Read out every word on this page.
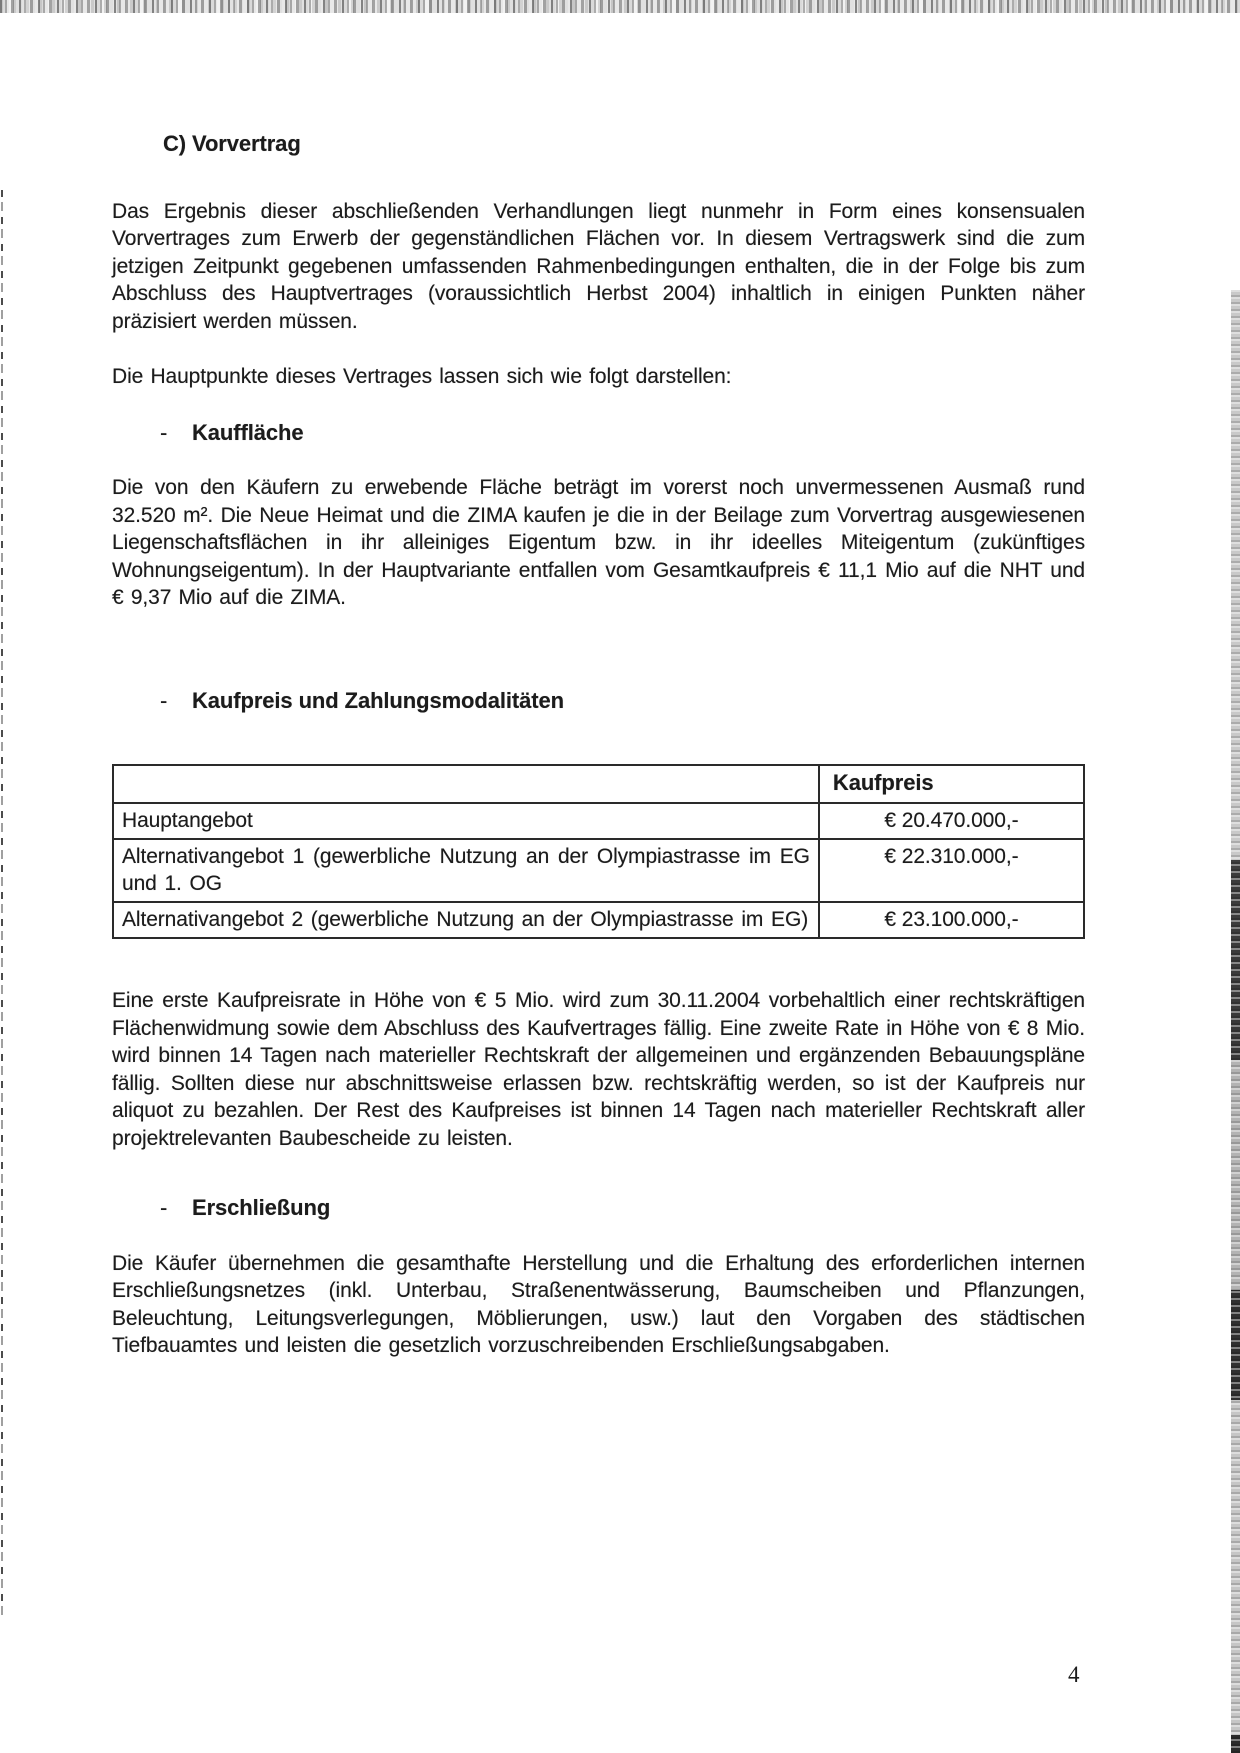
C) Vorvertrag

Das Ergebnis dieser abschließenden Verhandlungen liegt nunmehr in Form eines konsensualen Vorvertrages zum Erwerb der gegenständlichen Flächen vor. In diesem Vertragswerk sind die zum jetzigen Zeitpunkt gegebenen umfassenden Rahmenbedingungen enthalten, die in der Folge bis zum Abschluss des Hauptvertrages (voraussichtlich Herbst 2004) inhaltlich in einigen Punkten näher präzisiert werden müssen.

Die Hauptpunkte dieses Vertrages lassen sich wie folgt darstellen:

-	Kauffläche

Die von den Käufern zu erwebende Fläche beträgt im vorerst noch unvermessenen Ausmaß rund 32.520 m². Die Neue Heimat und die ZIMA kaufen je die in der Beilage zum Vorvertrag ausgewiesenen Liegenschaftsflächen in ihr alleiniges Eigentum bzw. in ihr ideelles Miteigentum (zukünftiges Wohnungseigentum). In der Hauptvariante entfallen vom Gesamtkaufpreis € 11,1 Mio auf die NHT und € 9,37 Mio auf die ZIMA.

-	Kaufpreis und Zahlungsmodalitäten
	Kaufpreis
Hauptangebot	€ 20.470.000,-
Alternativangebot 1 (gewerbliche Nutzung an der Olympiastrasse im EG und 1. OG	€ 22.310.000,-
Alternativangebot 2 (gewerbliche Nutzung an der Olympiastrasse im EG)	€ 23.100.000,-

Eine erste Kaufpreisrate in Höhe von € 5 Mio. wird zum 30.11.2004 vorbehaltlich einer rechtskräftigen Flächenwidmung sowie dem Abschluss des Kaufvertrages fällig. Eine zweite Rate in Höhe von € 8 Mio. wird binnen 14 Tagen nach materieller Rechtskraft der allgemeinen und ergänzenden Bebauungspläne fällig. Sollten diese nur abschnittsweise erlassen bzw. rechtskräftig werden, so ist der Kaufpreis nur aliquot zu bezahlen. Der Rest des Kaufpreises ist binnen 14 Tagen nach materieller Rechtskraft aller projektrelevanten Baubescheide zu leisten.

-	Erschließung

Die Käufer übernehmen die gesamthafte Herstellung und die Erhaltung des erforderlichen internen Erschließungsnetzes (inkl. Unterbau, Straßenentwässerung, Baumscheiben und Pflanzungen, Beleuchtung, Leitungsverlegungen, Möblierungen, usw.) laut den Vorgaben des städtischen Tiefbauamtes und leisten die gesetzlich vorzuschreibenden Erschließungsabgaben.

4
